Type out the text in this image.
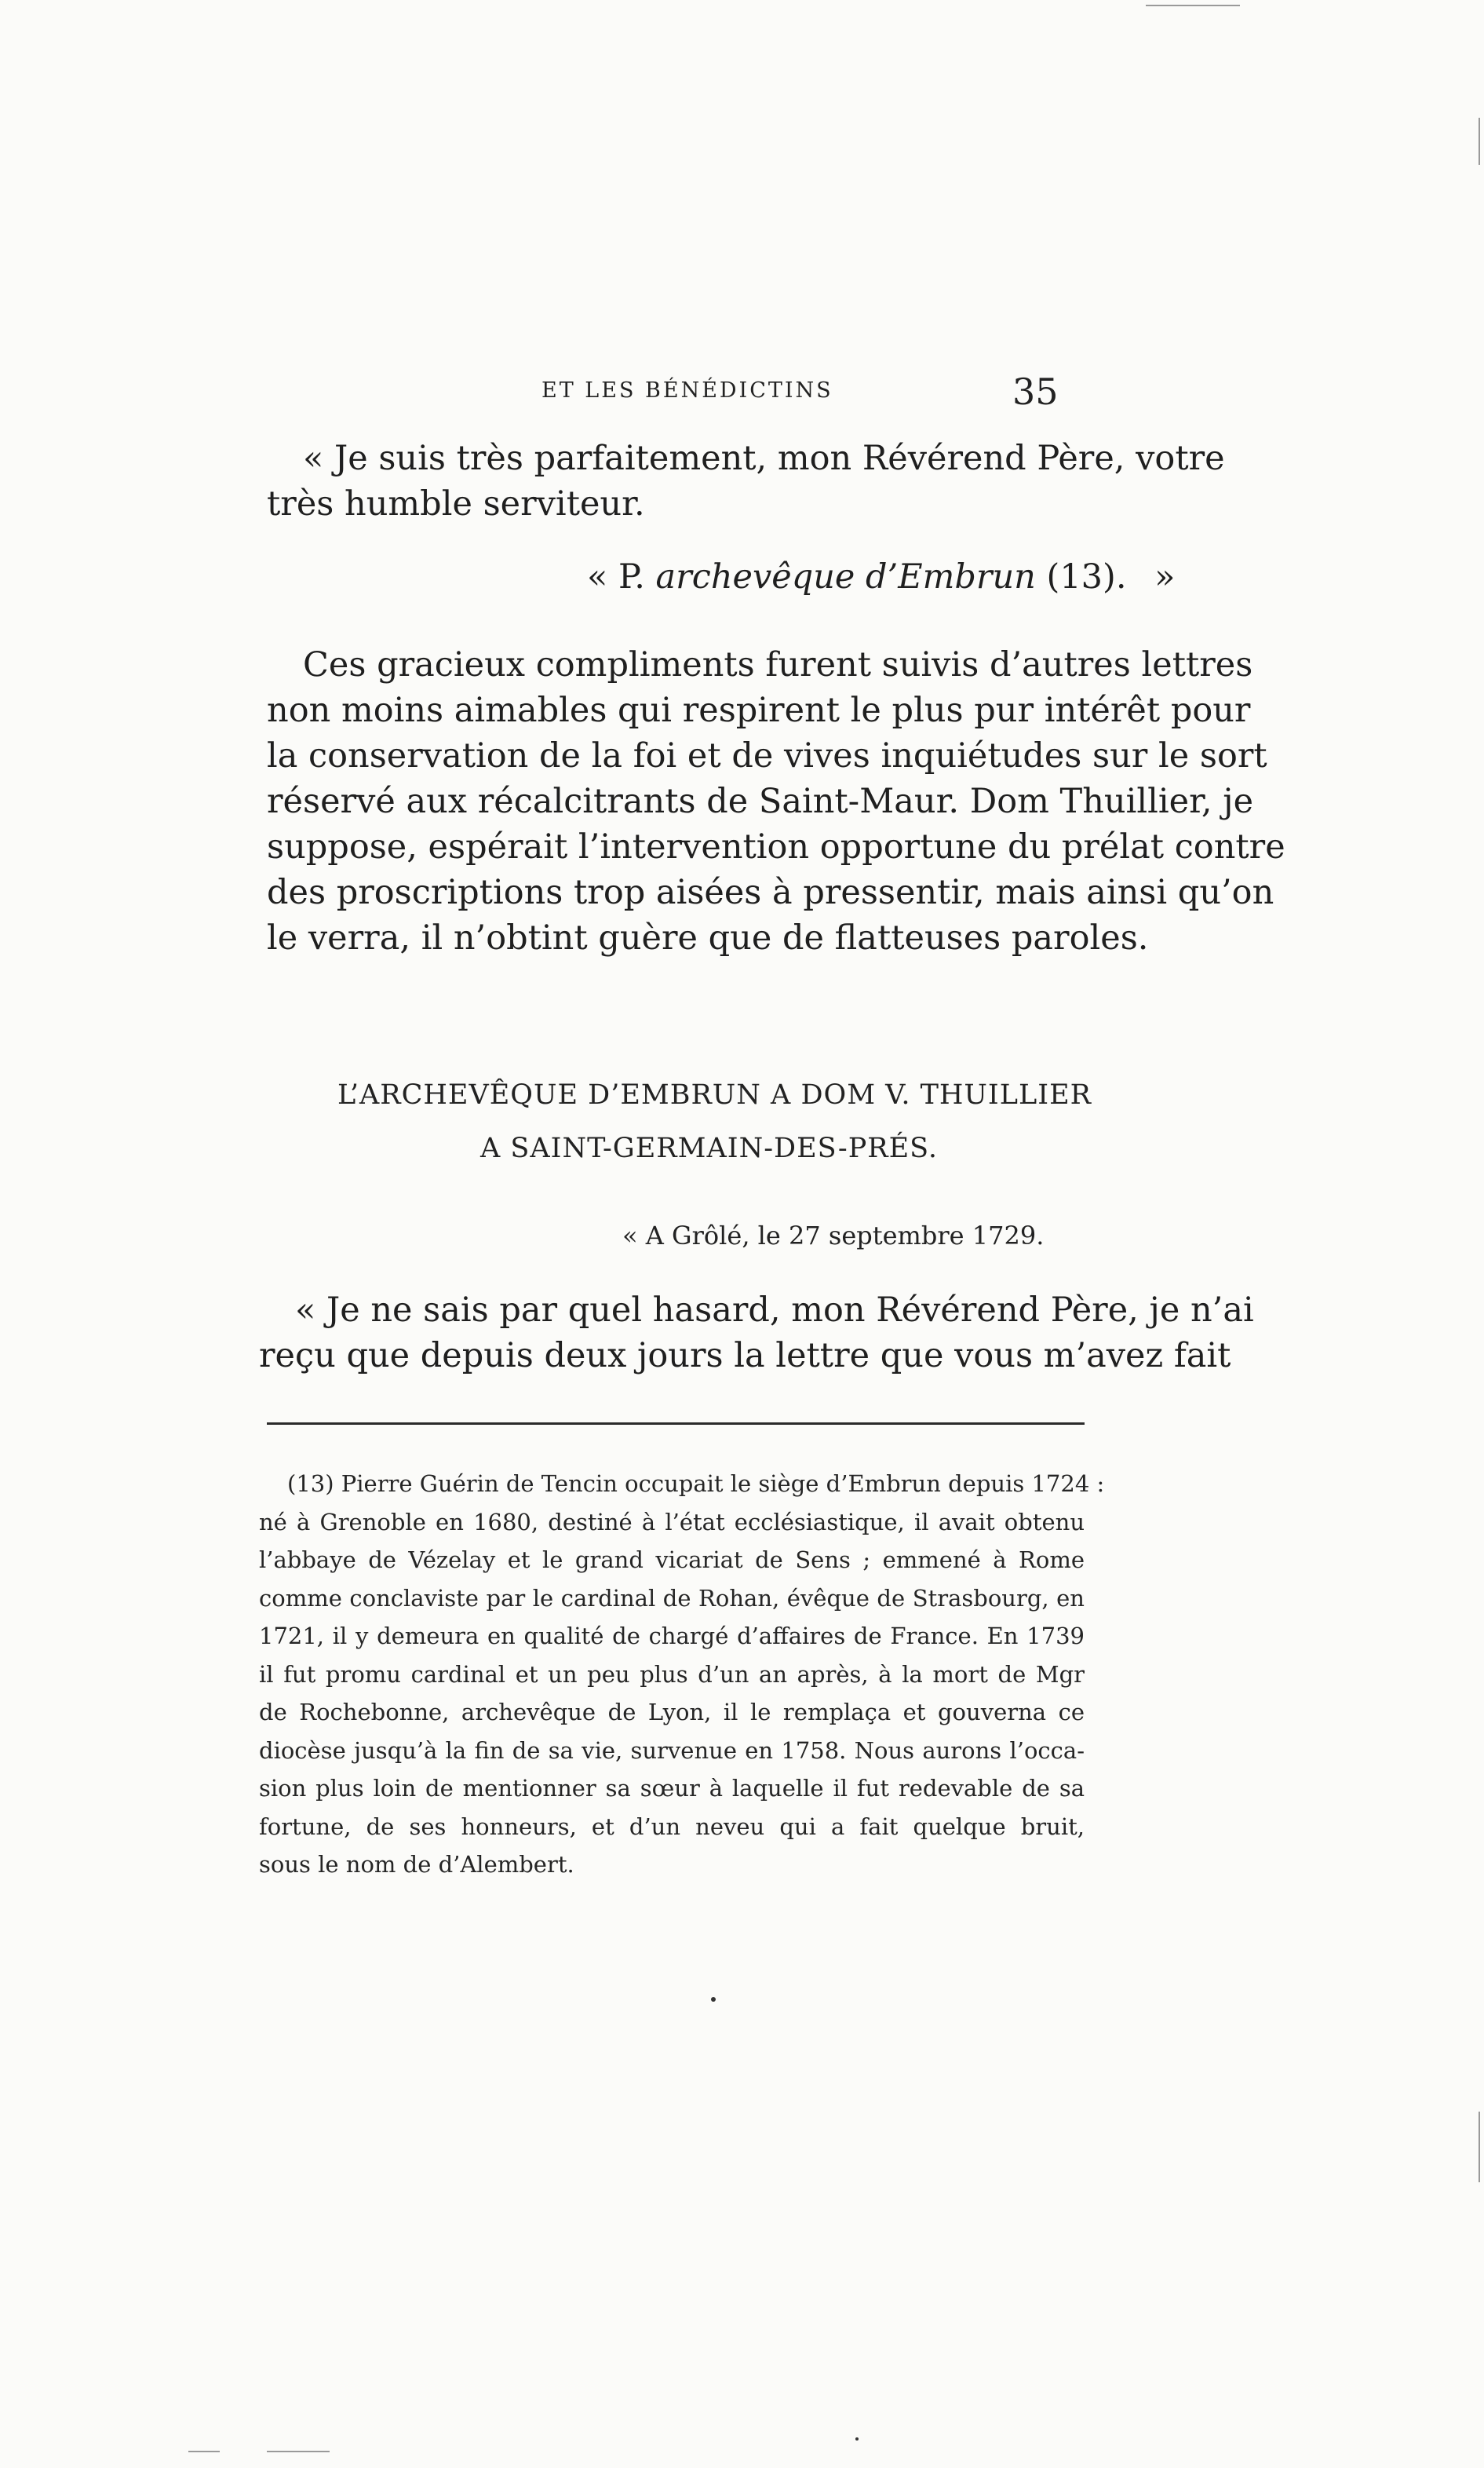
ET LES BÉNÉDICTINS	35

« Je suis très parfaitement, mon Révérend Père, votre

très humble serviteur.

« P. archevêque d’Embrun (13). »

Ces gracieux compliments furent suivis d’autres lettres

non moins aimables qui respirent le plus pur intérêt pour

la conservation de la foi et de vives inquiétudes sur le sort

réservé aux récalcitrants de Saint-Maur. Dom Thuillier, je

suppose, espérait l’intervention opportune du prélat contre

des proscriptions trop aisées à pressentir, mais ainsi qu’on

le verra, il n’obtint guère que de flatteuses paroles.

L’ARCHEVÊQUE D’EMBRUN A DOM V. THUILLIER
A SAINT-GERMAIN-DES-PRÉS.
« A Grôlé, le 27 septembre 1729.

« Je ne sais par quel hasard, mon Révérend Père, je n’ai

reçu que depuis deux jours la lettre que vous m’avez fait

(13) Pierre Guérin de Tencin occupait le siège d’Embrun depuis 1724 :

né à Grenoble en 1680, destiné à l’état ecclésiastique, il avait obtenu

l’abbaye de Vézelay et le grand vicariat de Sens ; emmené à Rome

comme conclaviste par le cardinal de Rohan, évêque de Strasbourg, en

1721, il y demeura en qualité de chargé d’affaires de France. En 1739

il fut promu cardinal et un peu plus d’un an après, à la mort de Mgr

de Rochebonne, archevêque de Lyon, il le remplaça et gouverna ce

diocèse jusqu’à la fin de sa vie, survenue en 1758. Nous aurons l’occa-

sion plus loin de mentionner sa sœur à laquelle il fut redevable de sa

fortune, de ses honneurs, et d’un neveu qui a fait quelque bruit,

sous le nom de d’Alembert.
